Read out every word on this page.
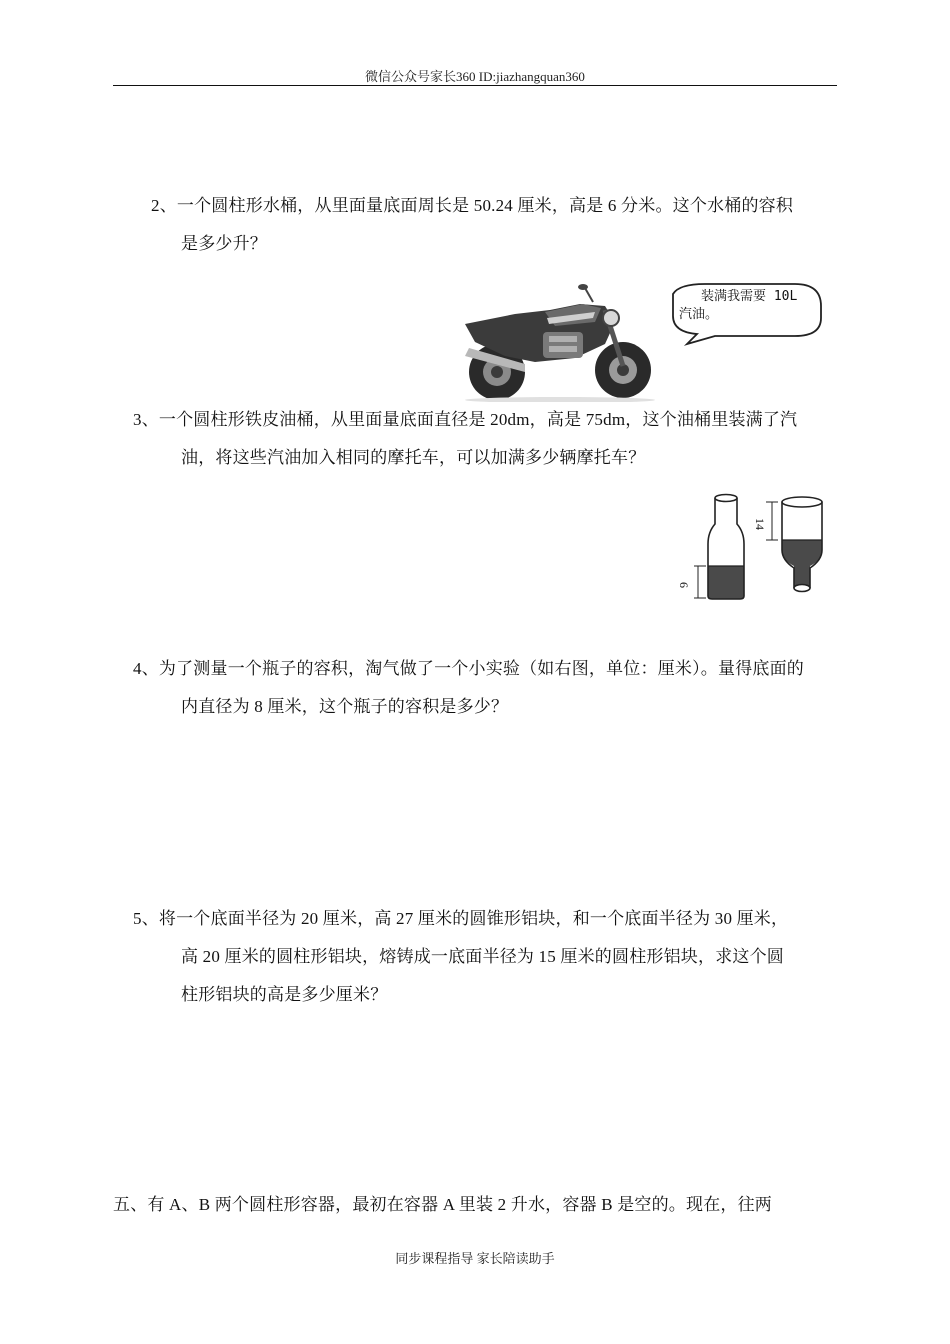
微信公众号家长360 ID:jiazhangquan360
2、一个圆柱形水桶，从里面量底面周长是 50.24 厘米，高是 6 分米。这个水桶的容积
是多少升？
装满我需要 10L
汽油。
3、一个圆柱形铁皮油桶，从里面量底面直径是 20dm，高是 75dm，这个油桶里装满了汽
油，将这些汽油加入相同的摩托车，可以加满多少辆摩托车？
6
14
4、为了测量一个瓶子的容积，淘气做了一个小实验（如右图，单位：厘米）。量得底面的
内直径为 8 厘米，这个瓶子的容积是多少？
5、将一个底面半径为 20 厘米，高 27 厘米的圆锥形铝块，和一个底面半径为 30 厘米，
高 20 厘米的圆柱形铝块，熔铸成一底面半径为 15 厘米的圆柱形铝块，求这个圆
柱形铝块的高是多少厘米？
五、有 A、B 两个圆柱形容器，最初在容器 A 里装 2 升水，容器 B 是空的。现在，往两
同步课程指导 家长陪读助手
